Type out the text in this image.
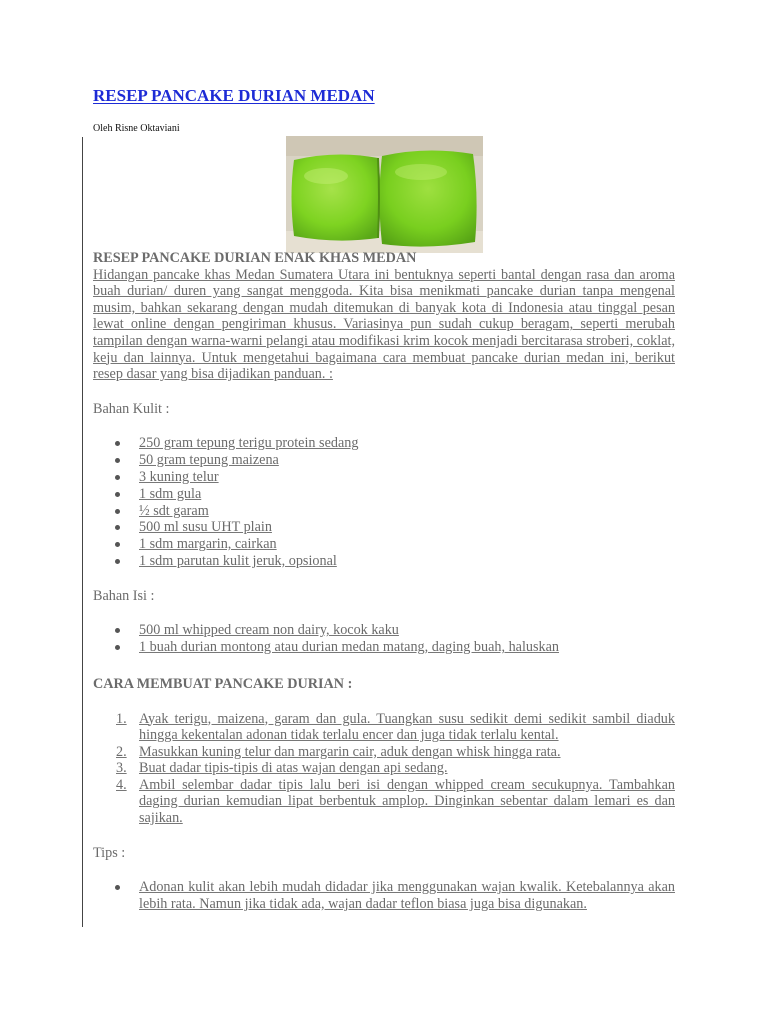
RESEP PANCAKE DURIAN MEDAN
Oleh Risne Oktaviani
RESEP PANCAKE DURIAN ENAK KHAS MEDAN
Hidangan pancake khas Medan Sumatera Utara ini bentuknya seperti bantal dengan rasa dan aroma buah durian/ duren yang sangat menggoda. Kita bisa menikmati pancake durian tanpa mengenal musim, bahkan sekarang dengan mudah ditemukan di banyak kota di Indonesia atau tinggal pesan lewat online dengan pengiriman khusus. Variasinya pun sudah cukup beragam, seperti merubah tampilan dengan warna-warni pelangi atau modifikasi krim kocok menjadi bercitarasa stroberi, coklat, keju dan lainnya. Untuk mengetahui bagaimana cara membuat pancake durian medan ini, berikut resep dasar yang bisa dijadikan panduan. :
Bahan Kulit :
250 gram tepung terigu protein sedang
50 gram tepung maizena
3 kuning telur
1 sdm gula
½ sdt garam
500 ml susu UHT plain
1 sdm margarin, cairkan
1 sdm parutan kulit jeruk, opsional
Bahan Isi :
500 ml whipped cream non dairy, kocok kaku
1 buah durian montong atau durian medan matang, daging buah, haluskan
CARA MEMBUAT PANCAKE DURIAN :
1. Ayak terigu, maizena, garam dan gula. Tuangkan susu sedikit demi sedikit sambil diaduk hingga kekentalan adonan tidak terlalu encer dan juga tidak terlalu kental.
2. Masukkan kuning telur dan margarin cair, aduk dengan whisk hingga rata.
3. Buat dadar tipis-tipis di atas wajan dengan api sedang.
4. Ambil selembar dadar tipis lalu beri isi dengan whipped cream secukupnya. Tambahkan daging durian kemudian lipat berbentuk amplop. Dinginkan sebentar dalam lemari es dan sajikan.
Tips :
Adonan kulit akan lebih mudah didadar jika menggunakan wajan kwalik. Ketebalannya akan lebih rata. Namun jika tidak ada, wajan dadar teflon biasa juga bisa digunakan.
